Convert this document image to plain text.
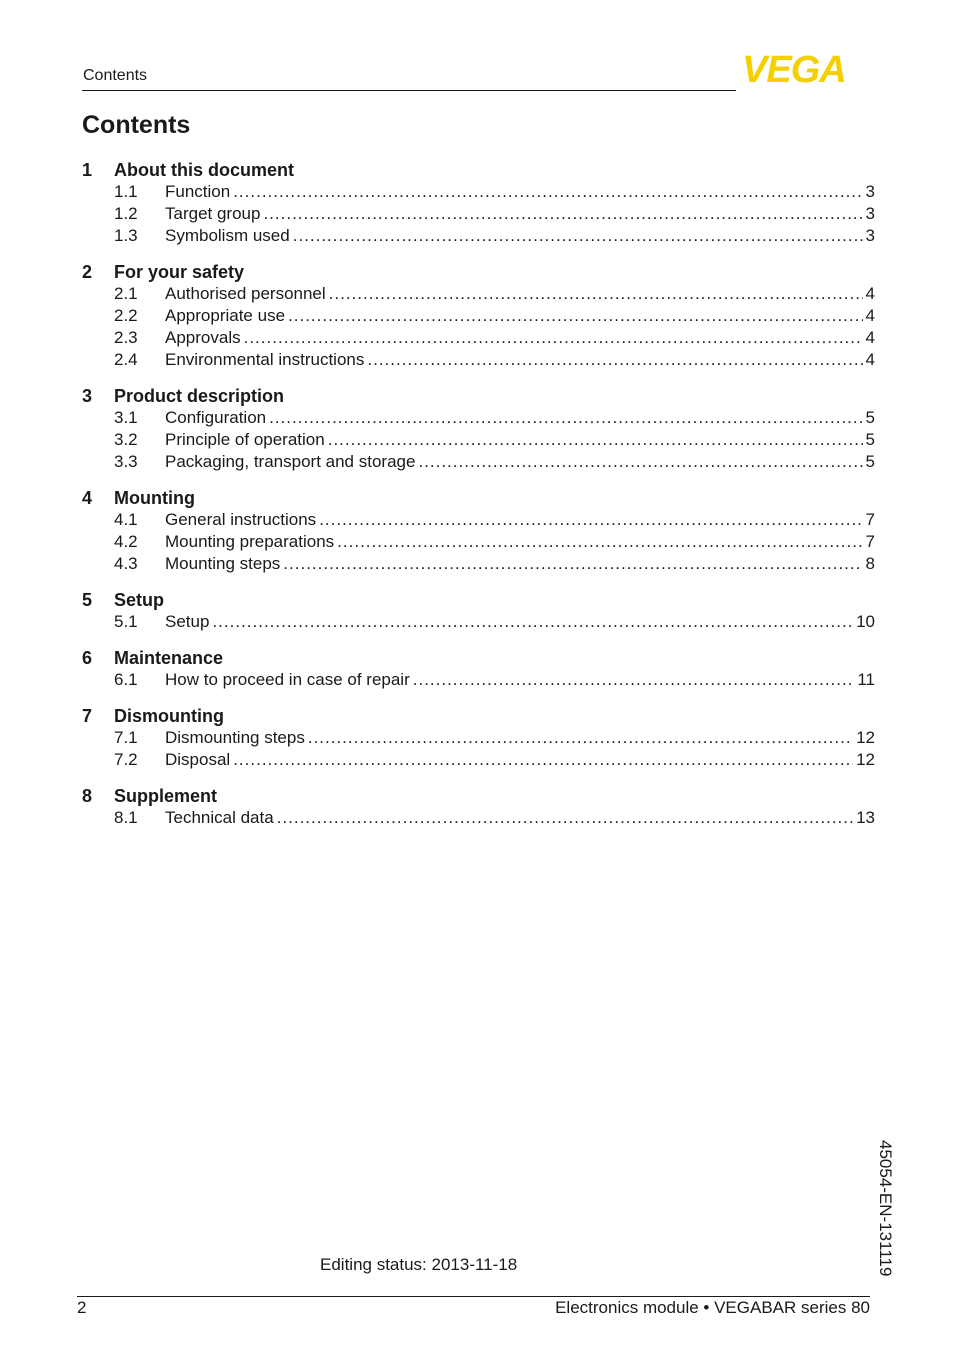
Contents	VEGA
Contents
1	About this document
1.1	Function .....	3
1.2	Target group .....	3
1.3	Symbolism used .....	3
2	For your safety
2.1	Authorised personnel .....	4
2.2	Appropriate use .....	4
2.3	Approvals .....	4
2.4	Environmental instructions .....	4
3	Product description
3.1	Configuration .....	5
3.2	Principle of operation .....	5
3.3	Packaging, transport and storage .....	5
4	Mounting
4.1	General instructions .....	7
4.2	Mounting preparations .....	7
4.3	Mounting steps .....	8
5	Setup
5.1	Setup .....	10
6	Maintenance
6.1	How to proceed in case of repair .....	11
7	Dismounting
7.1	Dismounting steps .....	12
7.2	Disposal .....	12
8	Supplement
8.1	Technical data .....	13
45054-EN-131119
Editing status: 2013-11-18
2	Electronics module • VEGABAR series 80
